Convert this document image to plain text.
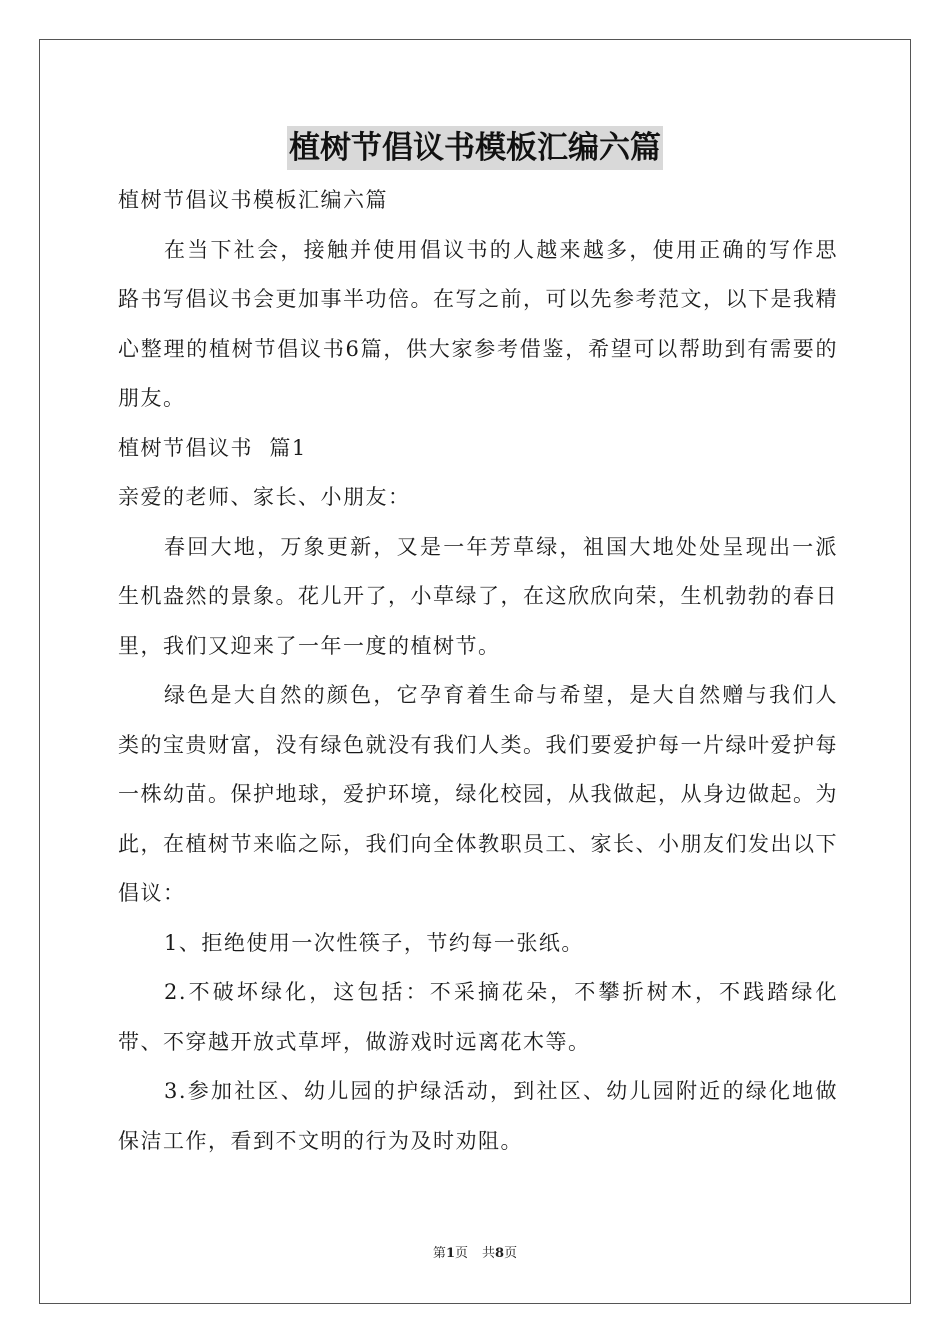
植树节倡议书模板汇编六篇

植树节倡议书模板汇编六篇

在当下社会，接触并使用倡议书的人越来越多，使用正确的写作思路书写倡议书会更加事半功倍。在写之前，可以先参考范文，以下是我精心整理的植树节倡议书6篇，供大家参考借鉴，希望可以帮助到有需要的朋友。

植树节倡议书  篇1

亲爱的老师、家长、小朋友：

春回大地，万象更新，又是一年芳草绿，祖国大地处处呈现出一派生机盎然的景象。花儿开了，小草绿了，在这欣欣向荣，生机勃勃的春日里，我们又迎来了一年一度的植树节。

绿色是大自然的颜色，它孕育着生命与希望，是大自然赠与我们人类的宝贵财富，没有绿色就没有我们人类。我们要爱护每一片绿叶爱护每一株幼苗。保护地球，爱护环境，绿化校园，从我做起，从身边做起。为此，在植树节来临之际，我们向全体教职员工、家长、小朋友们发出以下倡议：

1、拒绝使用一次性筷子，节约每一张纸。

2.不破坏绿化，这包括：不采摘花朵，不攀折树木，不践踏绿化带、不穿越开放式草坪，做游戏时远离花木等。

3.参加社区、幼儿园的护绿活动，到社区、幼儿园附近的绿化地做保洁工作，看到不文明的行为及时劝阻。

第1页 共8页
